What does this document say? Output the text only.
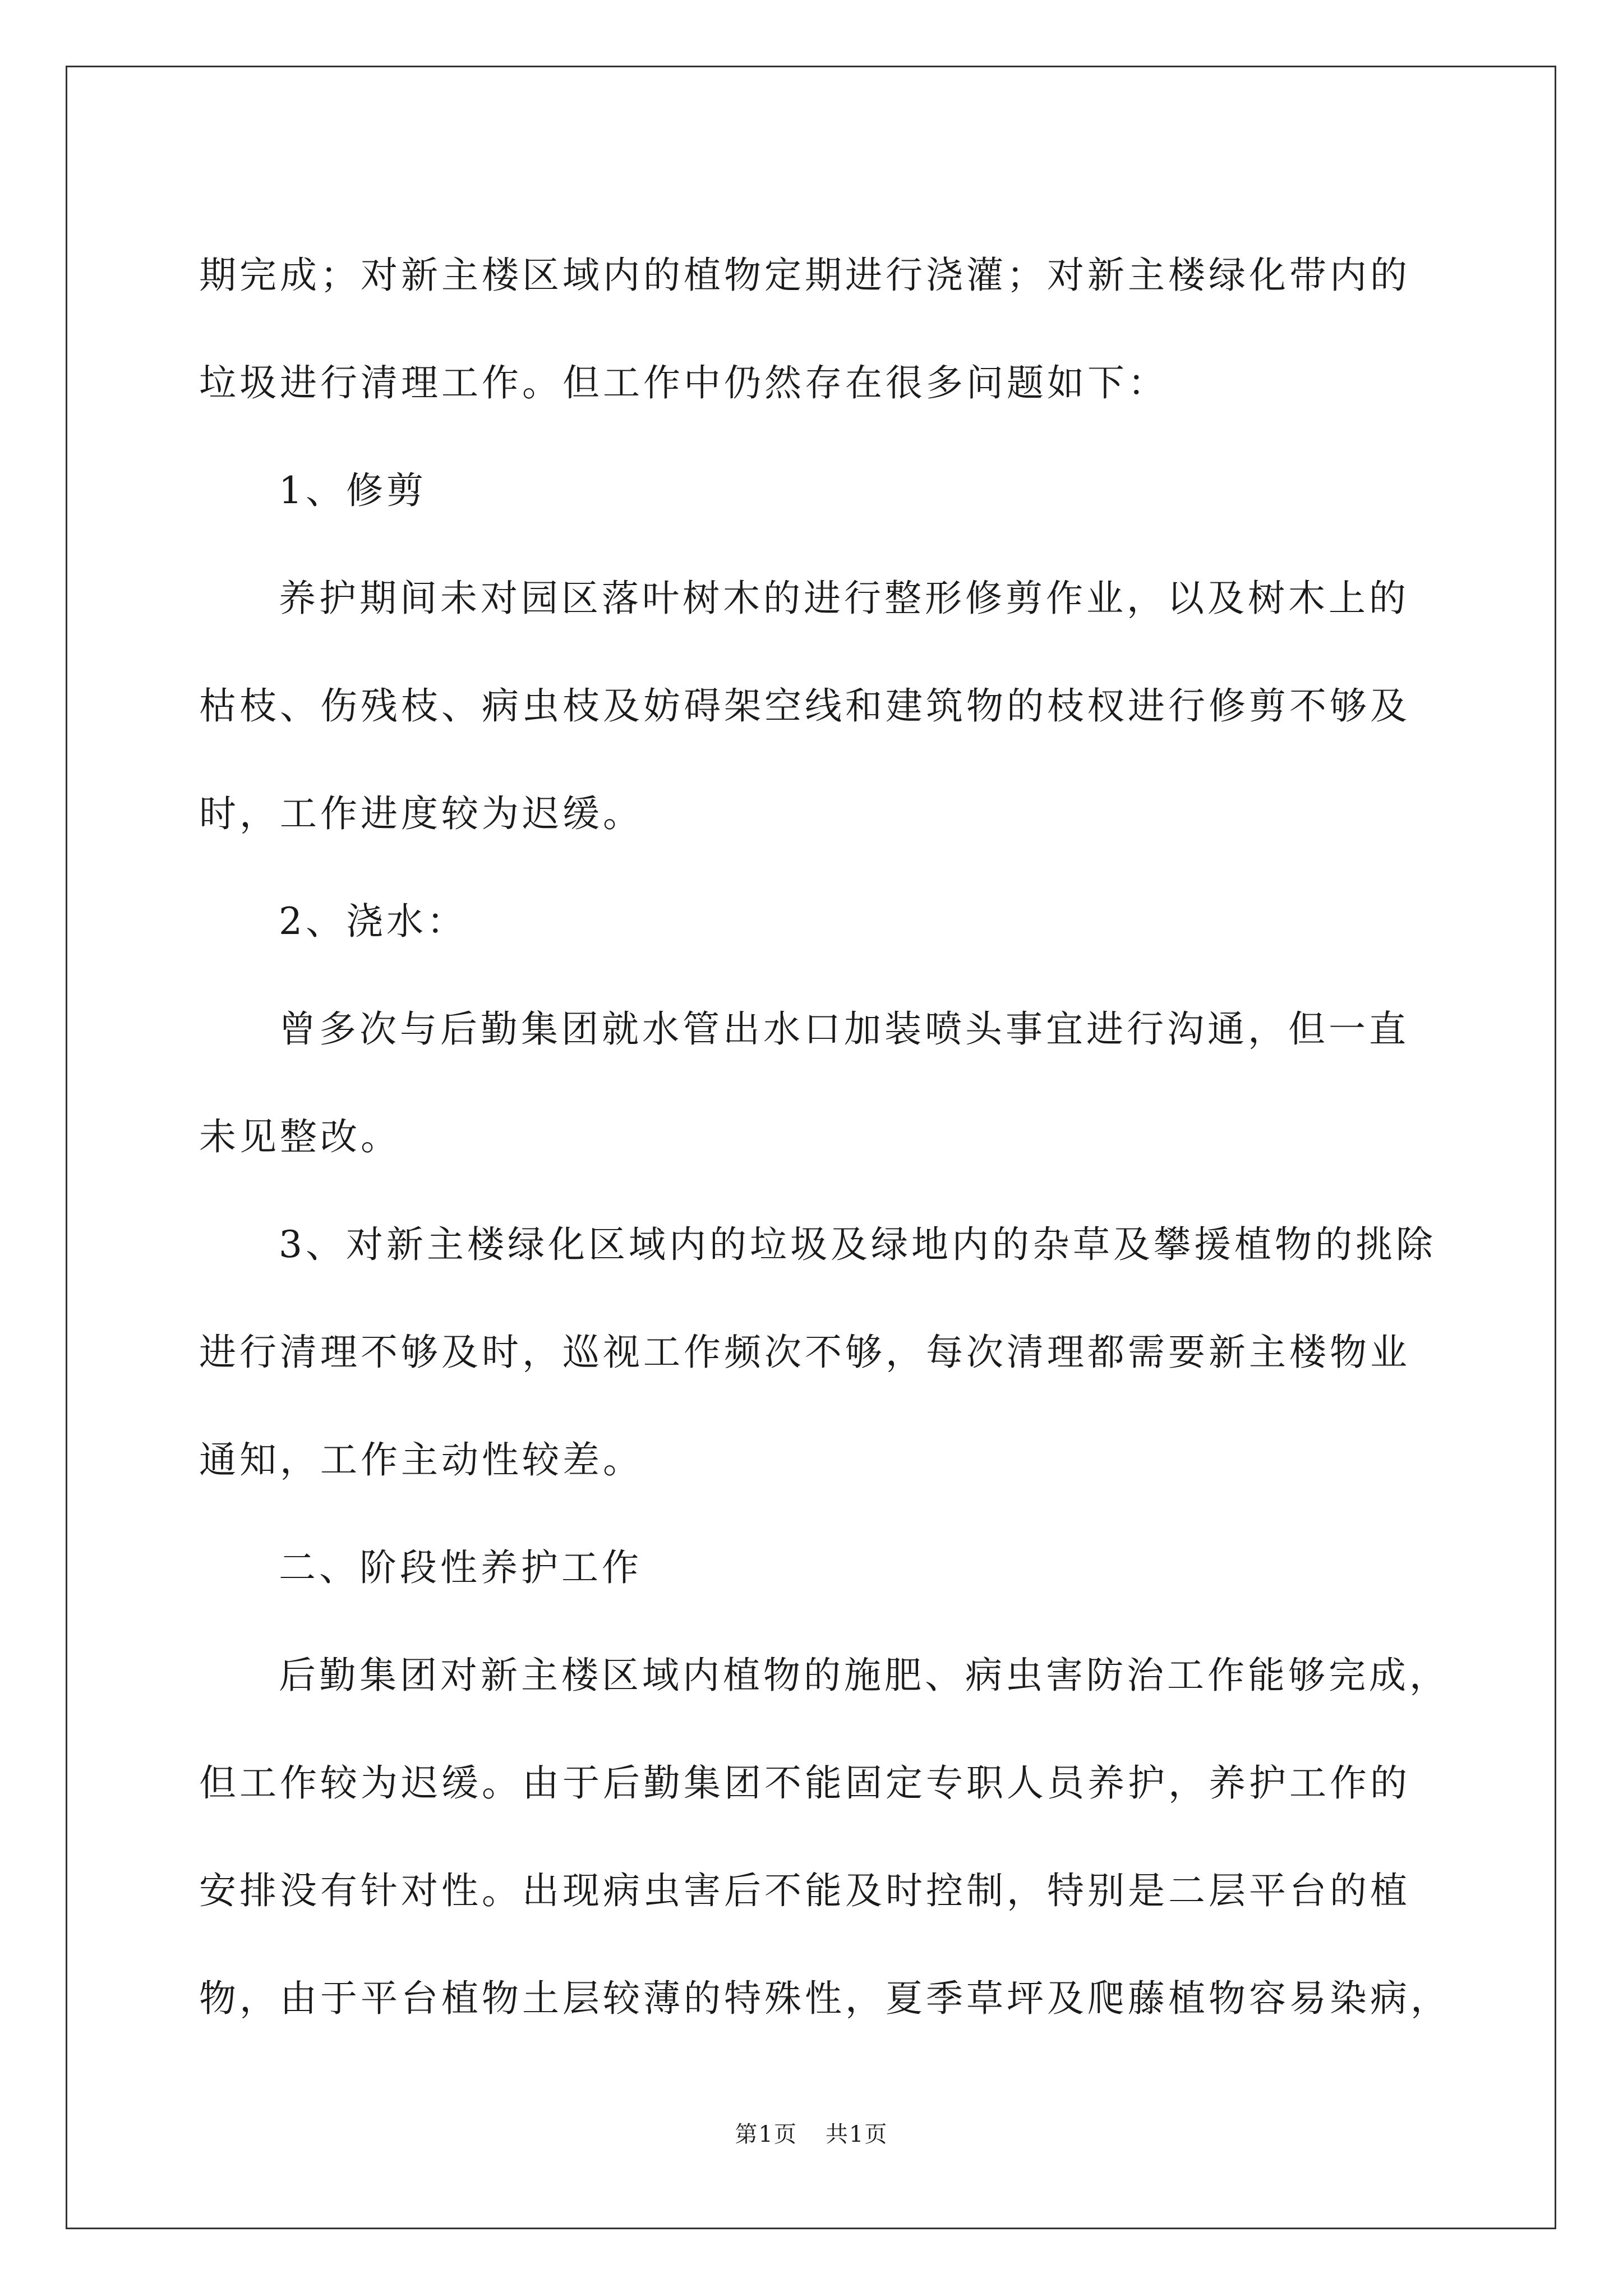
期完成；对新主楼区域内的植物定期进行浇灌；对新主楼绿化带内的

垃圾进行清理工作。但工作中仍然存在很多问题如下：

1、修剪

养护期间未对园区落叶树木的进行整形修剪作业，以及树木上的

枯枝、伤残枝、病虫枝及妨碍架空线和建筑物的枝杈进行修剪不够及

时，工作进度较为迟缓。

2、浇水：

曾多次与后勤集团就水管出水口加装喷头事宜进行沟通，但一直

未见整改。

3、对新主楼绿化区域内的垃圾及绿地内的杂草及攀援植物的挑除

进行清理不够及时，巡视工作频次不够，每次清理都需要新主楼物业

通知，工作主动性较差。

二、阶段性养护工作

后勤集团对新主楼区域内植物的施肥、病虫害防治工作能够完成，

但工作较为迟缓。由于后勤集团不能固定专职人员养护，养护工作的

安排没有针对性。出现病虫害后不能及时控制，特别是二层平台的植

物，由于平台植物土层较薄的特殊性，夏季草坪及爬藤植物容易染病，

第1页 共1页
